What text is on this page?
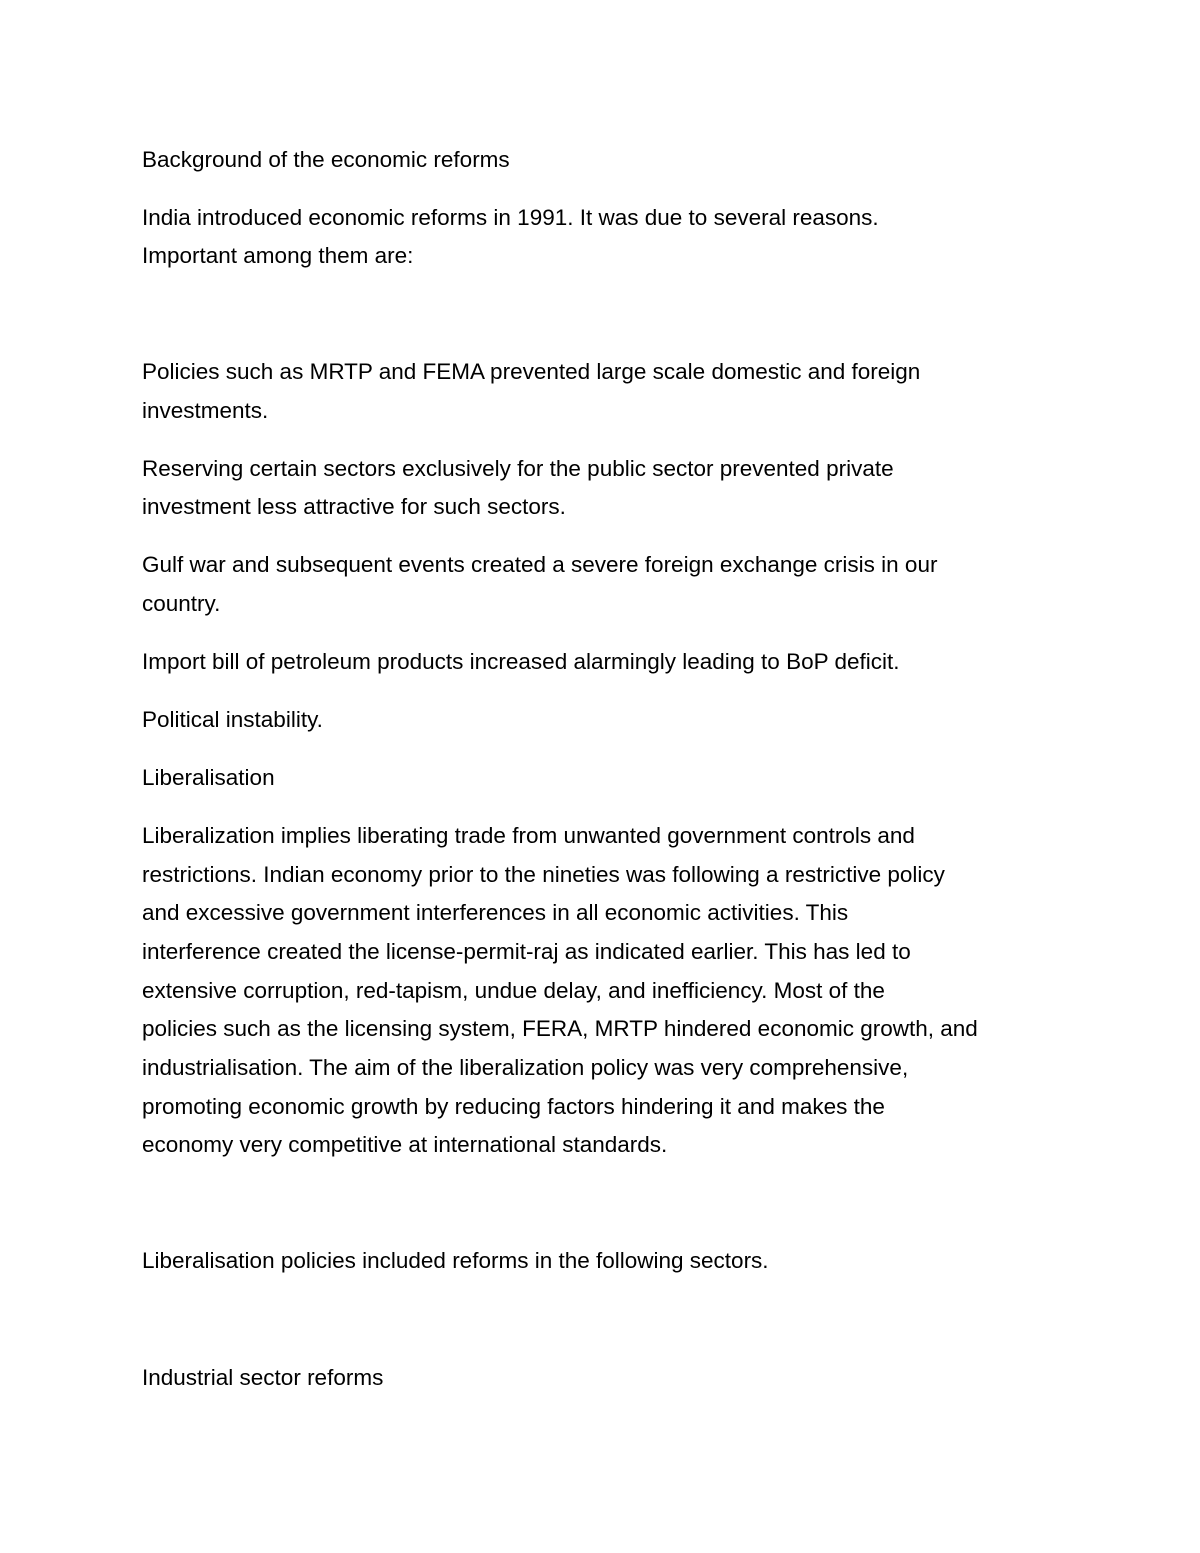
Background of the economic reforms

India introduced economic reforms in 1991. It was due to several reasons.

Important among them are:

Policies such as MRTP and FEMA prevented large scale domestic and foreign

investments.

Reserving certain sectors exclusively for the public sector prevented private

investment less attractive for such sectors.

Gulf war and subsequent events created a severe foreign exchange crisis in our

country.

Import bill of petroleum products increased alarmingly leading to BoP deficit.

Political instability.

Liberalisation

Liberalization implies liberating trade from unwanted government controls and

restrictions. Indian economy prior to the nineties was following a restrictive policy

and excessive government interferences in all economic activities. This

interference created the license-permit-raj as indicated earlier. This has led to

extensive corruption, red-tapism, undue delay, and inefficiency. Most of the

policies such as the licensing system, FERA, MRTP hindered economic growth, and

industrialisation. The aim of the liberalization policy was very comprehensive,

promoting economic growth by reducing factors hindering it and makes the

economy very competitive at international standards.

Liberalisation policies included reforms in the following sectors.

Industrial sector reforms
